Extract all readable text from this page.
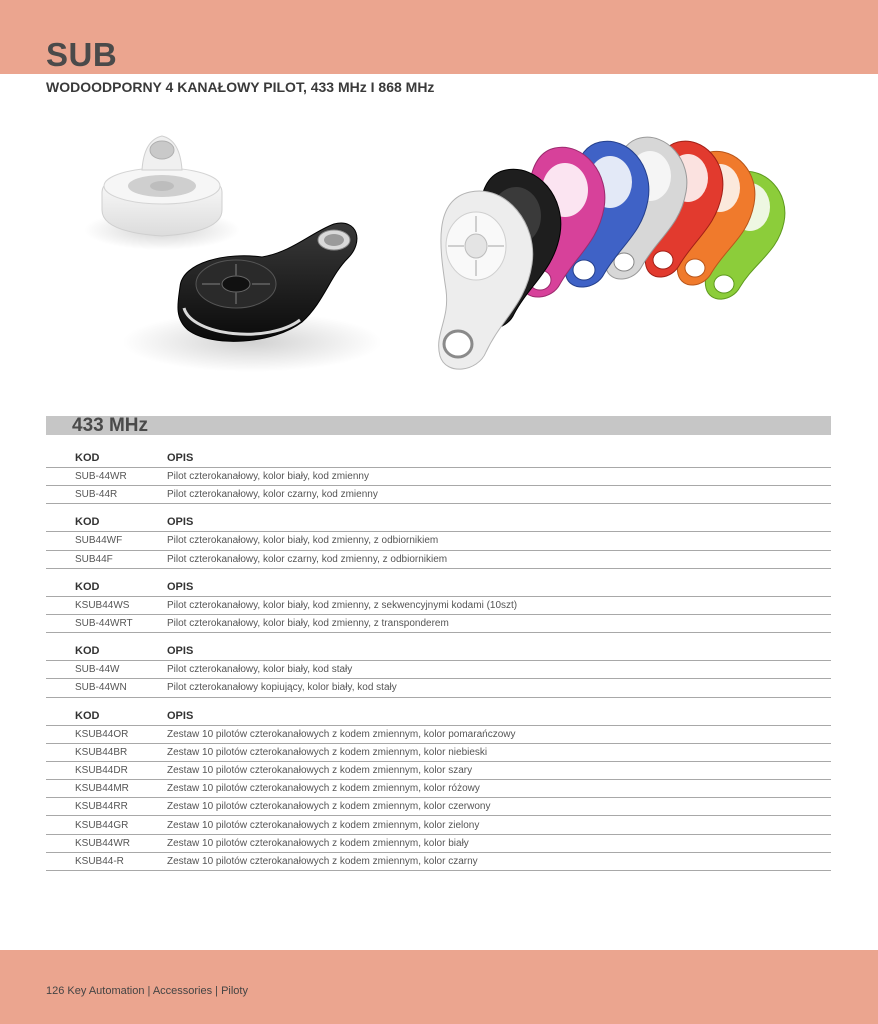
SUB
WODOODPORNY 4 KANAŁOWY PILOT, 433 MHz I 868 MHz
433 MHz
KOD	OPIS
SUB-44WR	Pilot czterokanałowy, kolor biały, kod zmienny
SUB-44R	Pilot czterokanałowy, kolor czarny, kod zmienny
KOD	OPIS
SUB44WF	Pilot czterokanałowy, kolor biały, kod zmienny, z odbiornikiem
SUB44F	Pilot czterokanałowy, kolor czarny, kod zmienny, z odbiornikiem
KOD	OPIS
KSUB44WS	Pilot czterokanałowy, kolor biały, kod zmienny, z sekwencyjnymi kodami (10szt)
SUB-44WRT	Pilot czterokanałowy, kolor biały, kod zmienny, z transponderem
KOD	OPIS
SUB-44W	Pilot czterokanałowy, kolor biały, kod stały
SUB-44WN	Pilot czterokanałowy kopiujący, kolor biały, kod stały
KOD	OPIS
KSUB44OR	Zestaw 10 pilotów czterokanałowych z kodem zmiennym, kolor pomarańczowy
KSUB44BR	Zestaw 10 pilotów czterokanałowych z kodem zmiennym, kolor niebieski
KSUB44DR	Zestaw 10 pilotów czterokanałowych z kodem zmiennym, kolor szary
KSUB44MR	Zestaw 10 pilotów czterokanałowych z kodem zmiennym, kolor różowy
KSUB44RR	Zestaw 10 pilotów czterokanałowych z kodem zmiennym, kolor czerwony
KSUB44GR	Zestaw 10 pilotów czterokanałowych z kodem zmiennym, kolor zielony
KSUB44WR	Zestaw 10 pilotów czterokanałowych z kodem zmiennym, kolor biały
KSUB44-R	Zestaw 10 pilotów czterokanałowych z kodem zmiennym, kolor czarny
126 Key Automation | Accessories | Piloty
